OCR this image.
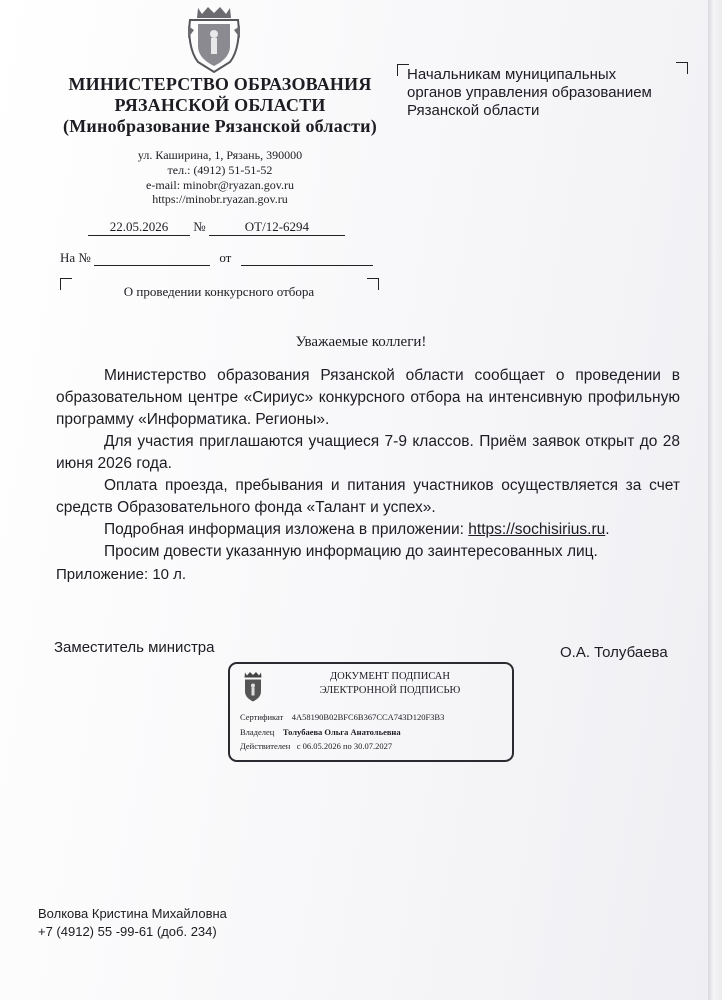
МИНИСТЕРСТВО ОБРАЗОВАНИЯ
РЯЗАНСКОЙ ОБЛАСТИ
(Минобразование Рязанской области)
ул. Каширина, 1, Рязань, 390000
тел.: (4912) 51-51-52
e-mail: minobr@ryazan.gov.ru
https://minobr.ryazan.gov.ru
Начальникам муниципальных
органов управления образованием
Рязанской области
22.05.2026 №	ОТ/12-6294
На №	от
О проведении конкурсного отбора
Уважаемые коллеги!

Министерство образования Рязанской области сообщает о проведении в образовательном центре «Сириус» конкурсного отбора на интенсивную профильную программу «Информатика. Регионы».

Для участия приглашаются учащиеся 7-9 классов. Приём заявок открыт до 28 июня 2026 года.

Оплата проезда, пребывания и питания участников осуществляется за счет средств Образовательного фонда «Талант и успех».

Подробная информация изложена в приложении: https://sochisirius.ru.

Просим довести указанную информацию до заинтересованных лиц.

Приложение: 10 л.
Заместитель министра	О.А. Толубаева
ДОКУМЕНТ ПОДПИСАН
ЭЛЕКТРОННОЙ ПОДПИСЬЮ
Сертификат 4A58190B02BFC6B367CCA743D120F3B3
Владелец Толубаева Ольга Анатольевна
Действителен с 06.05.2026 по 30.07.2027
Волкова Кристина Михайловна
+7 (4912) 55 -99-61 (доб. 234)
